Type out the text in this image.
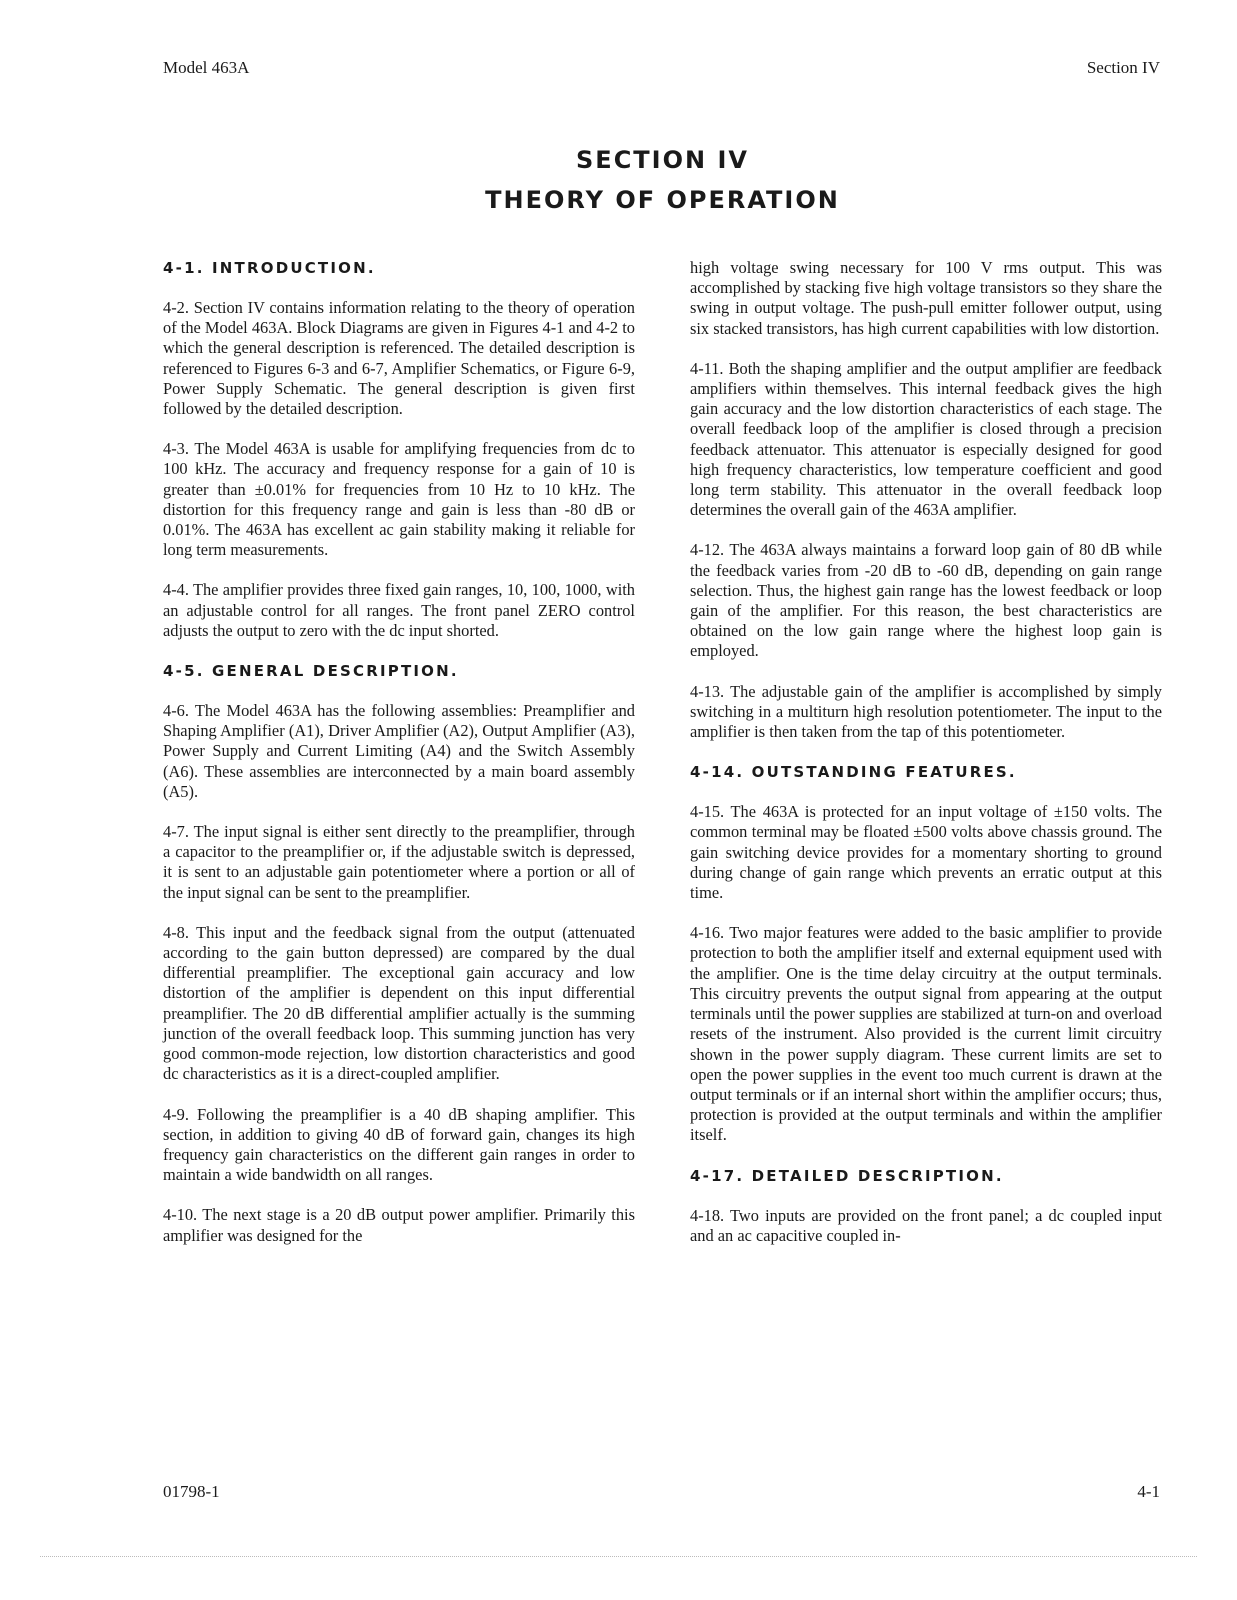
Model 463A	Section IV
SECTION IV
THEORY OF OPERATION
4-1. INTRODUCTION.

4-2. Section IV contains information relating to the theory of operation of the Model 463A. Block Diagrams are given in Figures 4-1 and 4-2 to which the general description is referenced. The detailed description is referenced to Figures 6-3 and 6-7, Amplifier Schematics, or Figure 6-9, Power Supply Schematic. The general description is given first followed by the detailed description.

4-3. The Model 463A is usable for amplifying frequencies from dc to 100 kHz. The accuracy and frequency response for a gain of 10 is greater than ±0.01% for frequencies from 10 Hz to 10 kHz. The distortion for this frequency range and gain is less than -80 dB or 0.01%. The 463A has excellent ac gain stability making it reliable for long term measurements.

4-4. The amplifier provides three fixed gain ranges, 10, 100, 1000, with an adjustable control for all ranges. The front panel ZERO control adjusts the output to zero with the dc input shorted.

4-5. GENERAL DESCRIPTION.

4-6. The Model 463A has the following assemblies: Preamplifier and Shaping Amplifier (A1), Driver Amplifier (A2), Output Amplifier (A3), Power Supply and Current Limiting (A4) and the Switch Assembly (A6). These assemblies are interconnected by a main board assembly (A5).

4-7. The input signal is either sent directly to the preamplifier, through a capacitor to the preamplifier or, if the adjustable switch is depressed, it is sent to an adjustable gain potentiometer where a portion or all of the input signal can be sent to the preamplifier.

4-8. This input and the feedback signal from the output (attenuated according to the gain button depressed) are compared by the dual differential preamplifier. The exceptional gain accuracy and low distortion of the amplifier is dependent on this input differential preamplifier. The 20 dB differential amplifier actually is the summing junction of the overall feedback loop. This summing junction has very good common-mode rejection, low distortion characteristics and good dc characteristics as it is a direct-coupled amplifier.

4-9. Following the preamplifier is a 40 dB shaping amplifier. This section, in addition to giving 40 dB of forward gain, changes its high frequency gain characteristics on the different gain ranges in order to maintain a wide bandwidth on all ranges.

4-10. The next stage is a 20 dB output power amplifier. Primarily this amplifier was designed for the

high voltage swing necessary for 100 V rms output. This was accomplished by stacking five high voltage transistors so they share the swing in output voltage. The push-pull emitter follower output, using six stacked transistors, has high current capabilities with low distortion.

4-11. Both the shaping amplifier and the output amplifier are feedback amplifiers within themselves. This internal feedback gives the high gain accuracy and the low distortion characteristics of each stage. The overall feedback loop of the amplifier is closed through a precision feedback attenuator. This attenuator is especially designed for good high frequency characteristics, low temperature coefficient and good long term stability. This attenuator in the overall feedback loop determines the overall gain of the 463A amplifier.

4-12. The 463A always maintains a forward loop gain of 80 dB while the feedback varies from -20 dB to -60 dB, depending on gain range selection. Thus, the highest gain range has the lowest feedback or loop gain of the amplifier. For this reason, the best characteristics are obtained on the low gain range where the highest loop gain is employed.

4-13. The adjustable gain of the amplifier is accomplished by simply switching in a multiturn high resolution potentiometer. The input to the amplifier is then taken from the tap of this potentiometer.

4-14. OUTSTANDING FEATURES.

4-15. The 463A is protected for an input voltage of ±150 volts. The common terminal may be floated ±500 volts above chassis ground. The gain switching device provides for a momentary shorting to ground during change of gain range which prevents an erratic output at this time.

4-16. Two major features were added to the basic amplifier to provide protection to both the amplifier itself and external equipment used with the amplifier. One is the time delay circuitry at the output terminals. This circuitry prevents the output signal from appearing at the output terminals until the power supplies are stabilized at turn-on and overload resets of the instrument. Also provided is the current limit circuitry shown in the power supply diagram. These current limits are set to open the power supplies in the event too much current is drawn at the output terminals or if an internal short within the amplifier occurs; thus, protection is provided at the output terminals and within the amplifier itself.

4-17. DETAILED DESCRIPTION.

4-18. Two inputs are provided on the front panel; a dc coupled input and an ac capacitive coupled in-

01798-1	4-1
